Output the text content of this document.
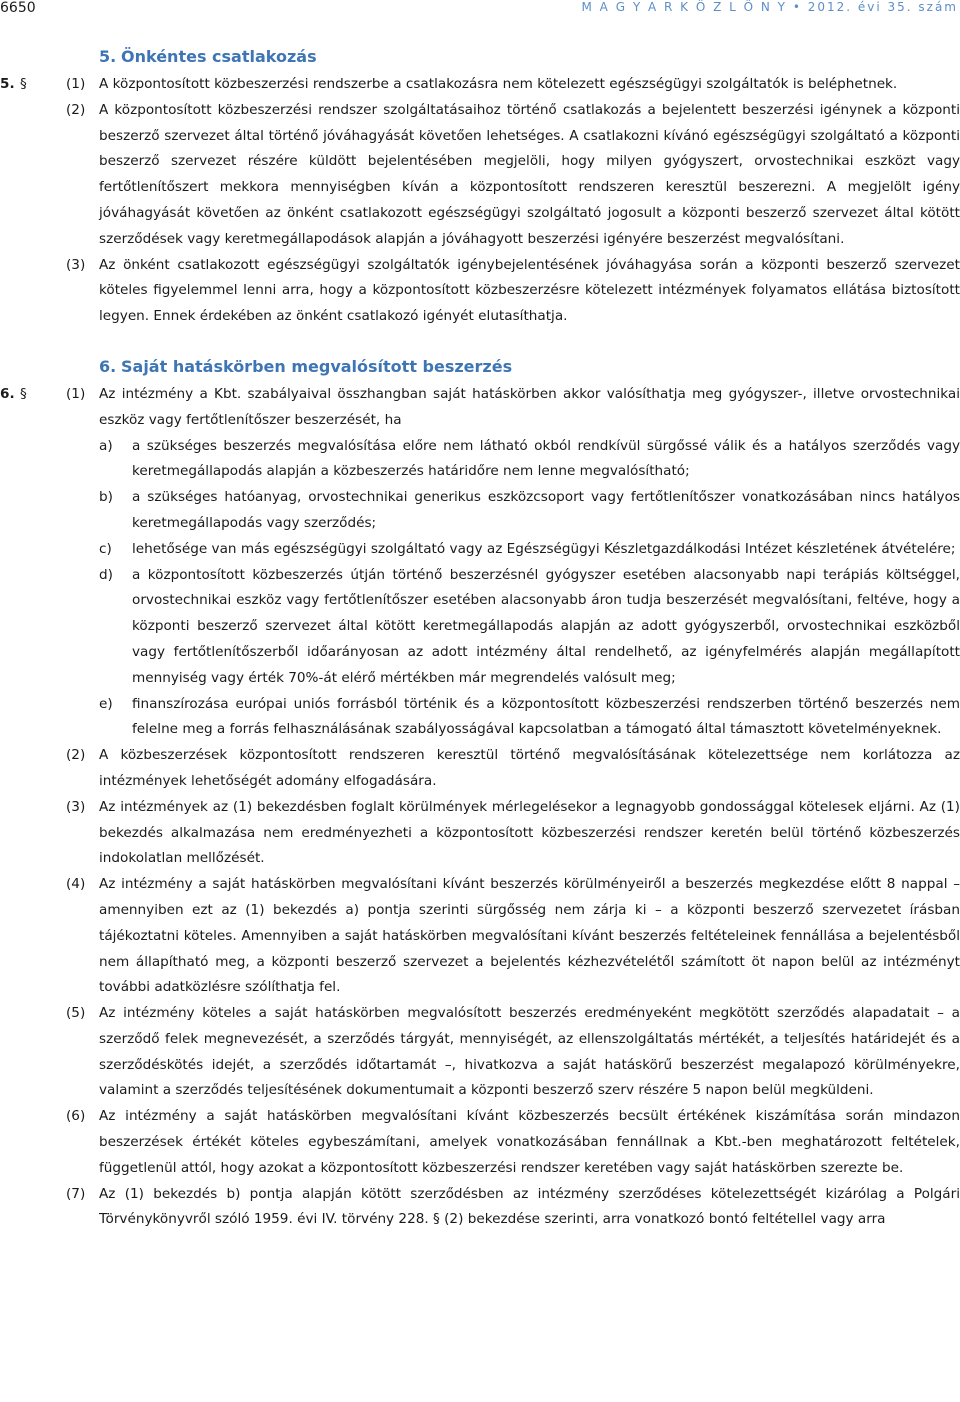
6650	M A G Y A R K Ö Z L Ö N Y • 2012. évi 35. szám
5. Önkéntes csatlakozás
5. §	(1) A központosított közbeszerzési rendszerbe a csatlakozásra nem kötelezett egészségügyi szolgáltatók is beléphetnek.
(2) A központosított közbeszerzési rendszer szolgáltatásaihoz történő csatlakozás a bejelentett beszerzési igénynek a központi beszerző szervezet által történő jóváhagyását követően lehetséges. A csatlakozni kívánó egészségügyi szolgáltató a központi beszerző szervezet részére küldött bejelentésében megjelöli, hogy milyen gyógyszert, orvostechnikai eszközt vagy fertőtlenítőszert mekkora mennyiségben kíván a központosított rendszeren keresztül beszerezni. A megjelölt igény jóváhagyását követően az önként csatlakozott egészségügyi szolgáltató jogosult a központi beszerző szervezet által kötött szerződések vagy keretmegállapodások alapján a jóváhagyott beszerzési igényére beszerzést megvalósítani.
(3) Az önként csatlakozott egészségügyi szolgáltatók igénybejelentésének jóváhagyása során a központi beszerző szervezet köteles figyelemmel lenni arra, hogy a központosított közbeszerzésre kötelezett intézmények folyamatos ellátása biztosított legyen. Ennek érdekében az önként csatlakozó igényét elutasíthatja.
6. Saját hatáskörben megvalósított beszerzés
6. §	(1) Az intézmény a Kbt. szabályaival összhangban saját hatáskörben akkor valósíthatja meg gyógyszer-, illetve orvostechnikai eszköz vagy fertőtlenítőszer beszerzését, ha
a) a szükséges beszerzés megvalósítása előre nem látható okból rendkívül sürgőssé válik és a hatályos szerződés vagy keretmegállapodás alapján a közbeszerzés határidőre nem lenne megvalósítható;
b) a szükséges hatóanyag, orvostechnikai generikus eszközcsoport vagy fertőtlenítőszer vonatkozásában nincs hatályos keretmegállapodás vagy szerződés;
c) lehetősége van más egészségügyi szolgáltató vagy az Egészségügyi Készletgazdálkodási Intézet készletének átvételére;
d) a központosított közbeszerzés útján történő beszerzésnél gyógyszer esetében alacsonyabb napi terápiás költséggel, orvostechnikai eszköz vagy fertőtlenítőszer esetében alacsonyabb áron tudja beszerzését megvalósítani, feltéve, hogy a központi beszerző szervezet által kötött keretmegállapodás alapján az adott gyógyszerből, orvostechnikai eszközből vagy fertőtlenítőszerből időarányosan az adott intézmény által rendelhető, az igényfelmérés alapján megállapított mennyiség vagy érték 70%-át elérő mértékben már megrendelés valósult meg;
e) finanszírozása európai uniós forrásból történik és a központosított közbeszerzési rendszerben történő beszerzés nem felelne meg a forrás felhasználásának szabályosságával kapcsolatban a támogató által támasztott követelményeknek.
(2) A közbeszerzések központosított rendszeren keresztül történő megvalósításának kötelezettsége nem korlátozza az intézmények lehetőségét adomány elfogadására.
(3) Az intézmények az (1) bekezdésben foglalt körülmények mérlegelésekor a legnagyobb gondossággal kötelesek eljárni. Az (1) bekezdés alkalmazása nem eredményezheti a központosított közbeszerzési rendszer keretén belül történő közbeszerzés indokolatlan mellőzését.
(4) Az intézmény a saját hatáskörben megvalósítani kívánt beszerzés körülményeiről a beszerzés megkezdése előtt 8 nappal – amennyiben ezt az (1) bekezdés a) pontja szerinti sürgősség nem zárja ki – a központi beszerző szervezetet írásban tájékoztatni köteles. Amennyiben a saját hatáskörben megvalósítani kívánt beszerzés feltételeinek fennállása a bejelentésből nem állapítható meg, a központi beszerző szervezet a bejelentés kézhezvételétől számított öt napon belül az intézményt további adatközlésre szólíthatja fel.
(5) Az intézmény köteles a saját hatáskörben megvalósított beszerzés eredményeként megkötött szerződés alapadatait – a szerződő felek megnevezését, a szerződés tárgyát, mennyiségét, az ellenszolgáltatás mértékét, a teljesítés határidejét és a szerződéskötés idejét, a szerződés időtartamát –, hivatkozva a saját hatáskörű beszerzést megalapozó körülményekre, valamint a szerződés teljesítésének dokumentumait a központi beszerző szerv részére 5 napon belül megküldeni.
(6) Az intézmény a saját hatáskörben megvalósítani kívánt közbeszerzés becsült értékének kiszámítása során mindazon beszerzések értékét köteles egybeszámítani, amelyek vonatkozásában fennállnak a Kbt.-ben meghatározott feltételek, függetlenül attól, hogy azokat a központosított közbeszerzési rendszer keretében vagy saját hatáskörben szerezte be.
(7) Az (1) bekezdés b) pontja alapján kötött szerződésben az intézmény szerződéses kötelezettségét kizárólag a Polgári Törvénykönyvről szóló 1959. évi IV. törvény 228. § (2) bekezdése szerinti, arra vonatkozó bontó feltétellel vagy arra
